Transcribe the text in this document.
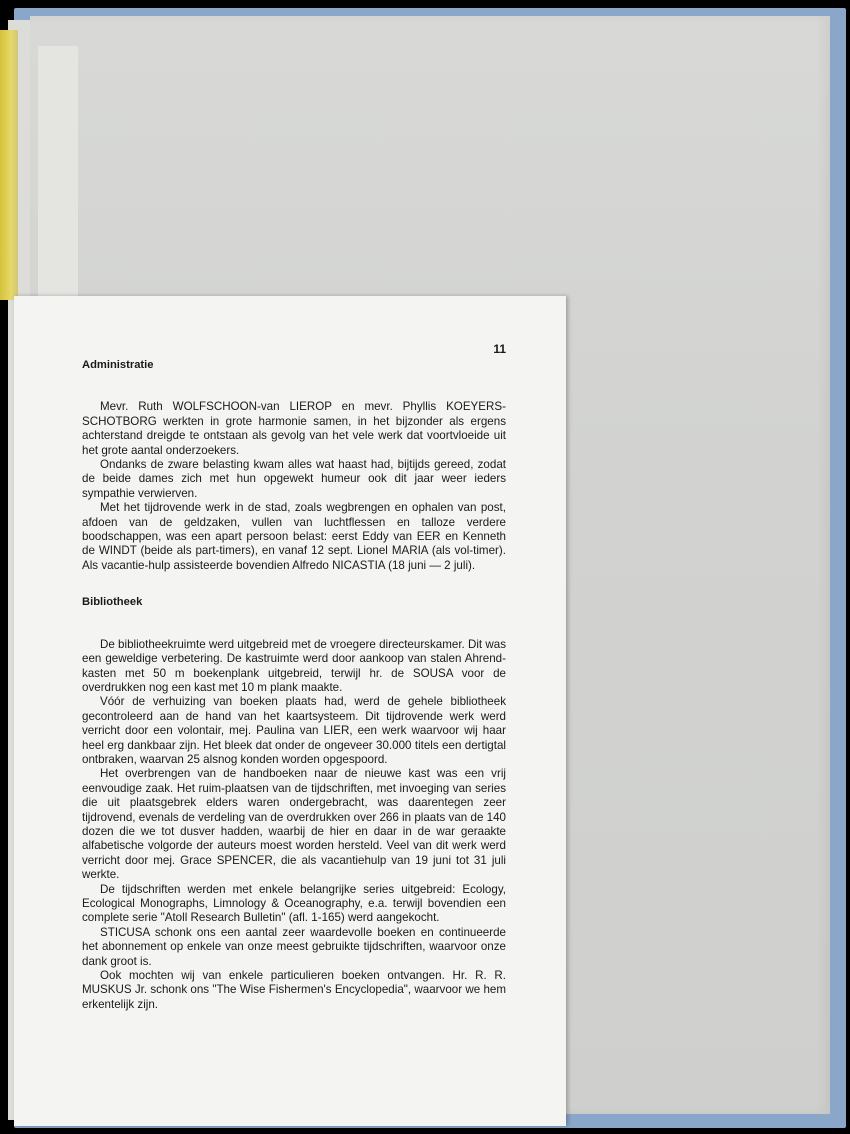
11
Administratie

Mevr. Ruth WOLFSCHOON-van LIEROP en mevr. Phyllis KOEYERS-SCHOTBORG werkten in grote harmonie samen, in het bijzonder als ergens achterstand dreigde te ontstaan als gevolg van het vele werk dat voortvloeide uit het grote aantal onderzoekers.

Ondanks de zware belasting kwam alles wat haast had, bijtijds gereed, zodat de beide dames zich met hun opgewekt humeur ook dit jaar weer ieders sympathie verwierven.

Met het tijdrovende werk in de stad, zoals wegbrengen en ophalen van post, afdoen van de geldzaken, vullen van luchtflessen en talloze verdere boodschappen, was een apart persoon belast: eerst Eddy van EER en Kenneth de WINDT (beide als part-timers), en vanaf 12 sept. Lionel MARIA (als vol-timer). Als vacantie-hulp assisteerde bovendien Alfredo NICASTIA (18 juni — 2 juli).

Bibliotheek

De bibliotheekruimte werd uitgebreid met de vroegere directeurskamer. Dit was een geweldige verbetering. De kastruimte werd door aankoop van stalen Ahrend-kasten met 50 m boekenplank uitgebreid, terwijl hr. de SOUSA voor de overdrukken nog een kast met 10 m plank maakte.

Vóór de verhuizing van boeken plaats had, werd de gehele bibliotheek gecontroleerd aan de hand van het kaartsysteem. Dit tijdrovende werk werd verricht door een volontair, mej. Paulina van LIER, een werk waarvoor wij haar heel erg dankbaar zijn. Het bleek dat onder de ongeveer 30.000 titels een dertigtal ontbraken, waarvan 25 alsnog konden worden opgespoord.

Het overbrengen van de handboeken naar de nieuwe kast was een vrij eenvoudige zaak. Het ruim-plaatsen van de tijdschriften, met invoeging van series die uit plaatsgebrek elders waren ondergebracht, was daarentegen zeer tijdrovend, evenals de verdeling van de overdrukken over 266 in plaats van de 140 dozen die we tot dusver hadden, waarbij de hier en daar in de war geraakte alfabetische volgorde der auteurs moest worden hersteld. Veel van dit werk werd verricht door mej. Grace SPENCER, die als vacantiehulp van 19 juni tot 31 juli werkte.

De tijdschriften werden met enkele belangrijke series uitgebreid: Ecology, Ecological Monographs, Limnology & Oceanography, e.a. terwijl bovendien een complete serie "Atoll Research Bulletin" (afl. 1-165) werd aangekocht.

STICUSA schonk ons een aantal zeer waardevolle boeken en continueerde het abonnement op enkele van onze meest gebruikte tijdschriften, waarvoor onze dank groot is.

Ook mochten wij van enkele particulieren boeken ontvangen. Hr. R. R. MUSKUS Jr. schonk ons "The Wise Fishermen's Encyclopedia", waarvoor we hem erkentelijk zijn.
